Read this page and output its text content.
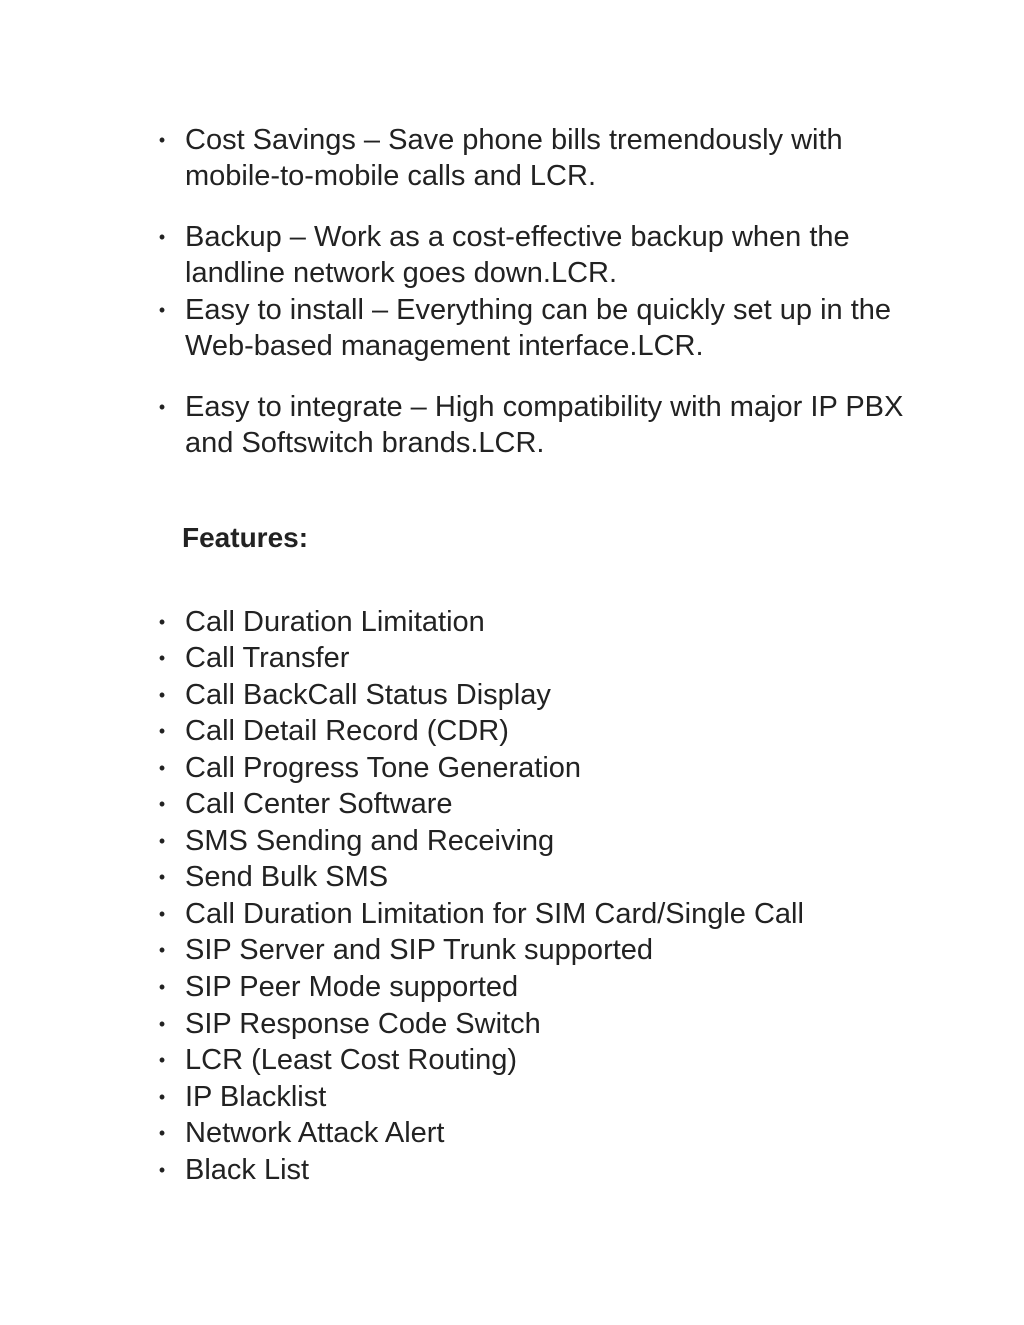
• Cost Savings – Save phone bills tremendously with mobile-to-mobile calls and LCR.
• Backup – Work as a cost-effective backup when the landline network goes down.LCR.
• Easy to install – Everything can be quickly set up in the Web-based management interface.LCR.
• Easy to integrate – High compatibility with major IP PBX and Softswitch brands.LCR.
Features:
• Call Duration Limitation
• Call Transfer
• Call BackCall Status Display
• Call Detail Record (CDR)
• Call Progress Tone Generation
• Call Center Software
• SMS Sending and Receiving
• Send Bulk SMS
• Call Duration Limitation for SIM Card/Single Call
• SIP Server and SIP Trunk supported
• SIP Peer Mode supported
• SIP Response Code Switch
• LCR (Least Cost Routing)
• IP Blacklist
• Network Attack Alert
• Black List
